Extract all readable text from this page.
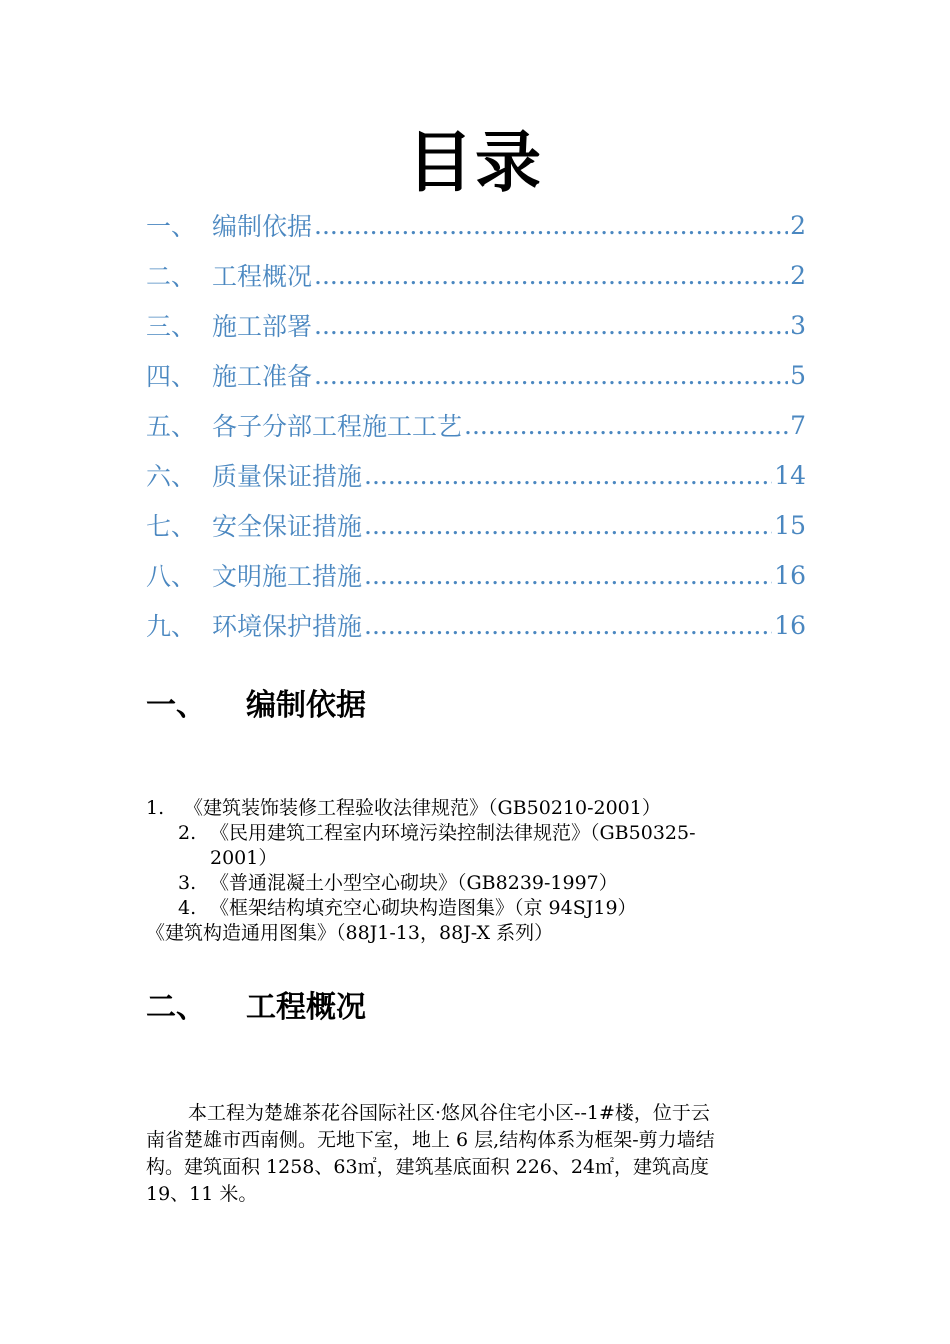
目录
一、 编制依据 .....	2
二、 工程概况 .....	2
三、 施工部署 .....	3
四、 施工准备 .....	5
五、 各子分部工程施工工艺 .....	7
六、 质量保证措施 .....	14
七、 安全保证措施 .....	15
八、 文明施工措施 .....	16
九、 环境保护措施 .....	16
一、	编制依据
1. 《建筑装饰装修工程验收法律规范》（GB50210-2001）
2. 《民用建筑工程室内环境污染控制法律规范》（GB50325-
2001）
3. 《普通混凝土小型空心砌块》（GB8239-1997）
4. 《框架结构填充空心砌块构造图集》（京 94SJ19）
《建筑构造通用图集》（88J1-13，88J-X 系列）
二、	工程概况
本工程为楚雄茶花谷国际社区·悠风谷住宅小区--1#楼，位于云
南省楚雄市西南侧。无地下室，地上 6 层,结构体系为框架-剪力墙结
构。建筑面积 1258、63㎡，建筑基底面积 226、24㎡，建筑高度
19、11 米。
